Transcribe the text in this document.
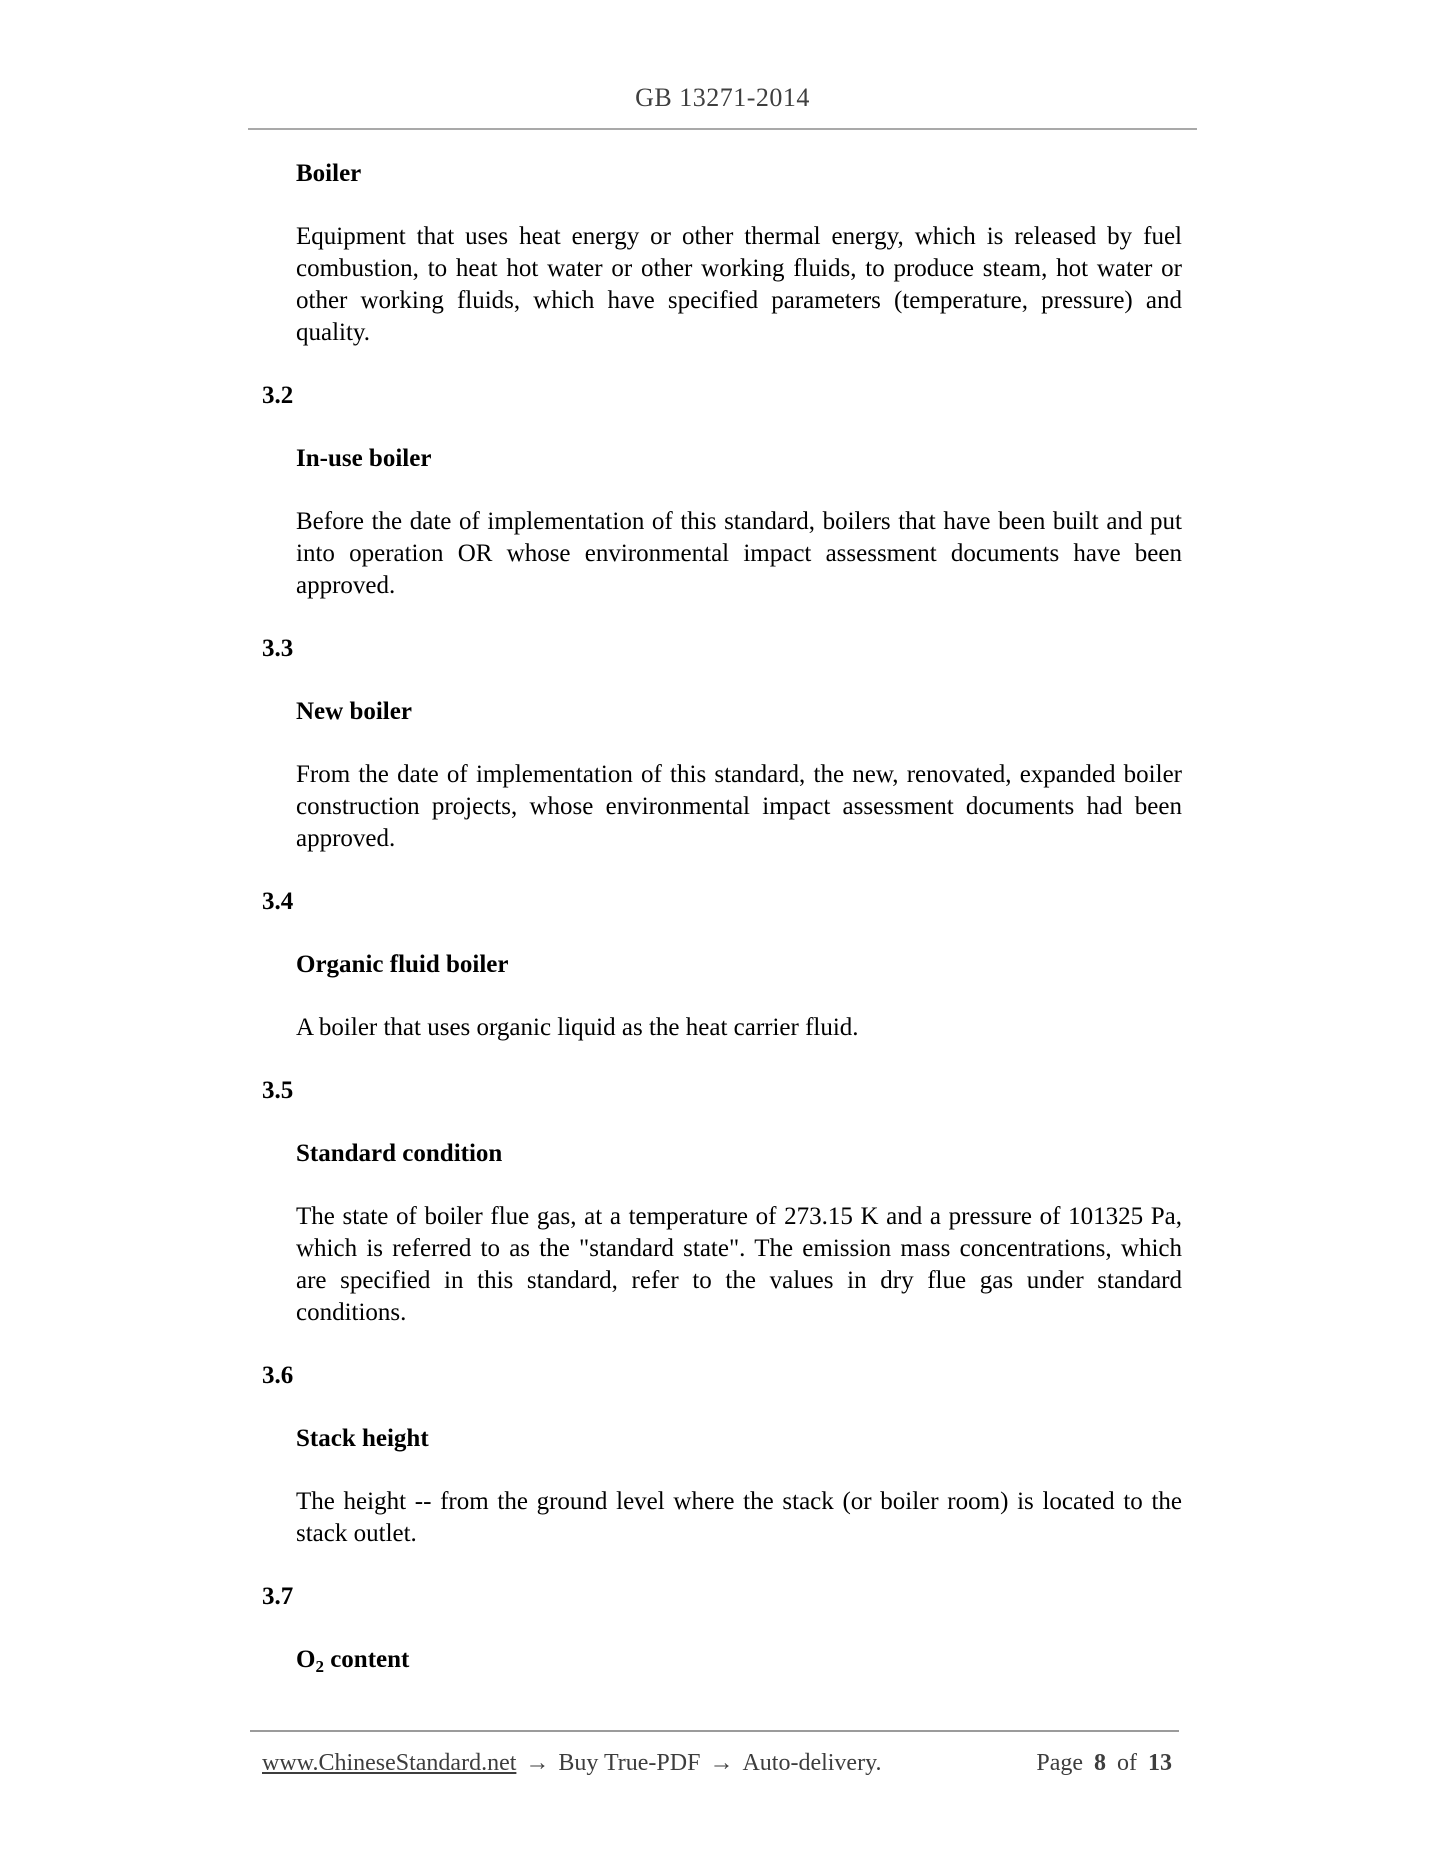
GB 13271-2014
Boiler

Equipment that uses heat energy or other thermal energy, which is released by fuel combustion, to heat hot water or other working fluids, to produce steam, hot water or other working fluids, which have specified parameters (temperature, pressure) and quality.

3.2
In-use boiler

Before the date of implementation of this standard, boilers that have been built and put into operation OR whose environmental impact assessment documents have been approved.

3.3
New boiler

From the date of implementation of this standard, the new, renovated, expanded boiler construction projects, whose environmental impact assessment documents had been approved.

3.4
Organic fluid boiler

A boiler that uses organic liquid as the heat carrier fluid.

3.5
Standard condition

The state of boiler flue gas, at a temperature of 273.15 K and a pressure of 101325 Pa, which is referred to as the "standard state". The emission mass concentrations, which are specified in this standard, refer to the values in dry flue gas under standard conditions.

3.6
Stack height

The height -- from the ground level where the stack (or boiler room) is located to the stack outlet.

3.7
$O_2$ content
www.ChineseStandard.net → Buy True-PDF → Auto-delivery.	Page 8 of 13
